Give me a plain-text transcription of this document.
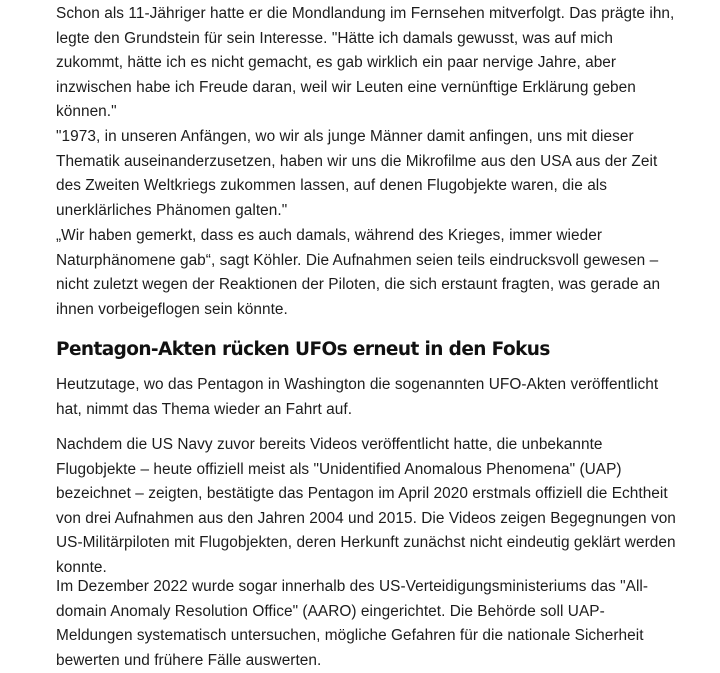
Schon als 11-Jähriger hatte er die Mondlandung im Fernsehen mitverfolgt. Das prägte ihn, legte den Grundstein für sein Interesse. "Hätte ich damals gewusst, was auf mich zukommt, hätte ich es nicht gemacht, es gab wirklich ein paar nervige Jahre, aber inzwischen habe ich Freude daran, weil wir Leuten eine vernünftige Erklärung geben können."

"1973, in unseren Anfängen, wo wir als junge Männer damit anfingen, uns mit dieser Thematik auseinanderzusetzen, haben wir uns die Mikrofilme aus den USA aus der Zeit des Zweiten Weltkriegs zukommen lassen, auf denen Flugobjekte waren, die als unerklärliches Phänomen galten."

„Wir haben gemerkt, dass es auch damals, während des Krieges, immer wieder Naturphänomene gab“, sagt Köhler. Die Aufnahmen seien teils eindrucksvoll gewesen – nicht zuletzt wegen der Reaktionen der Piloten, die sich erstaunt fragten, was gerade an ihnen vorbeigeflogen sein könnte.

Pentagon-Akten rücken UFOs erneut in den Fokus

Heutzutage, wo das Pentagon in Washington die sogenannten UFO-Akten veröffentlicht hat, nimmt das Thema wieder an Fahrt auf.

Nachdem die US Navy zuvor bereits Videos veröffentlicht hatte, die unbekannte Flugobjekte – heute offiziell meist als "Unidentified Anomalous Phenomena" (UAP) bezeichnet – zeigten, bestätigte das Pentagon im April 2020 erstmals offiziell die Echtheit von drei Aufnahmen aus den Jahren 2004 und 2015. Die Videos zeigen Begegnungen von US-Militärpiloten mit Flugobjekten, deren Herkunft zunächst nicht eindeutig geklärt werden konnte.

Im Dezember 2022 wurde sogar innerhalb des US-Verteidigungsministeriums das "All-domain Anomaly Resolution Office" (AARO) eingerichtet. Die Behörde soll UAP-Meldungen systematisch untersuchen, mögliche Gefahren für die nationale Sicherheit bewerten und frühere Fälle auswerten.
